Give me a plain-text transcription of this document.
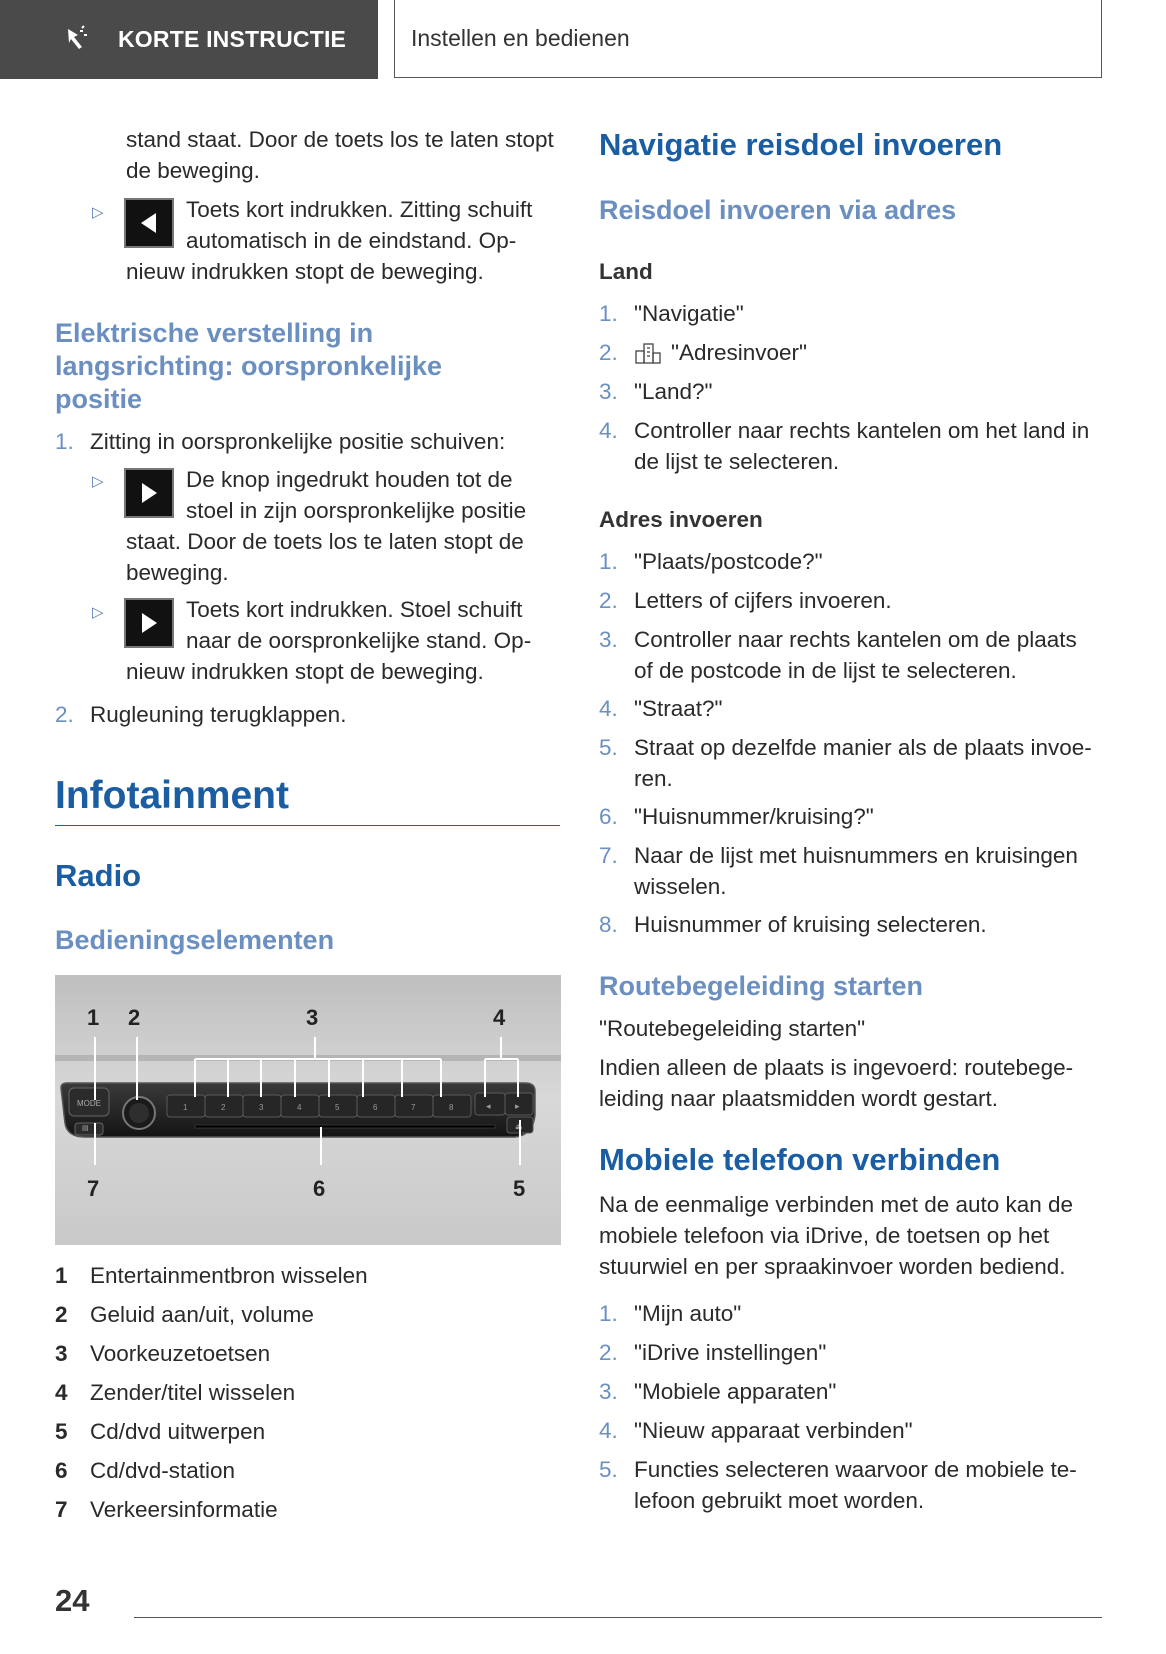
KORTE INSTRUCTIE	Instellen en bedienen
stand staat. Door de toets los te laten stopt de beweging.
▷	Toets kort indrukken. Zitting schuift
automatisch in de eindstand. Op-
nieuw indrukken stopt de beweging.
Elektrische verstelling in
langsrichting: oorspronkelijke
positie
1. Zitting in oorspronkelijke positie schuiven:
▷	De knop ingedrukt houden tot de
stoel in zijn oorspronkelijke positie
staat. Door de toets los te laten stopt de
beweging.
▷	Toets kort indrukken. Stoel schuift
naar de oorspronkelijke stand. Op-
nieuw indrukken stopt de beweging.
2. Rugleuning terugklappen.
Infotainment
Radio
Bedieningselementen
MODE	1	2	3	4	5	6	7	8	◂	▸
⏏
▤
1 2	3	4
7	6	5
1 Entertainmentbron wisselen
2 Geluid aan/uit, volume
3 Voorkeuzetoetsen
4 Zender/titel wisselen
5 Cd/dvd uitwerpen
6 Cd/dvd-station
7 Verkeersinformatie
Navigatie reisdoel invoeren
Reisdoel invoeren via adres
Land
1. "Navigatie"
2. "Adresinvoer"
3. "Land?"
4. Controller naar rechts kantelen om het land in
de lijst te selecteren.
Adres invoeren
1. "Plaats/postcode?"
2. Letters of cijfers invoeren.
3. Controller naar rechts kantelen om de plaats
of de postcode in de lijst te selecteren.
4. "Straat?"
5. Straat op dezelfde manier als de plaats invoe-
ren.
6. "Huisnummer/kruising?"
7. Naar de lijst met huisnummers en kruisingen
wisselen.
8. Huisnummer of kruising selecteren.
Routebegeleiding starten
"Routebegeleiding starten"
Indien alleen de plaats is ingevoerd: routebege-
leiding naar plaatsmidden wordt gestart.
Mobiele telefoon verbinden
Na de eenmalige verbinden met de auto kan de
mobiele telefoon via iDrive, de toetsen op het
stuurwiel en per spraakinvoer worden bediend.
1. "Mijn auto"
2. "iDrive instellingen"
3. "Mobiele apparaten"
4. "Nieuw apparaat verbinden"
5. Functies selecteren waarvoor de mobiele te-
lefoon gebruikt moet worden.
24
